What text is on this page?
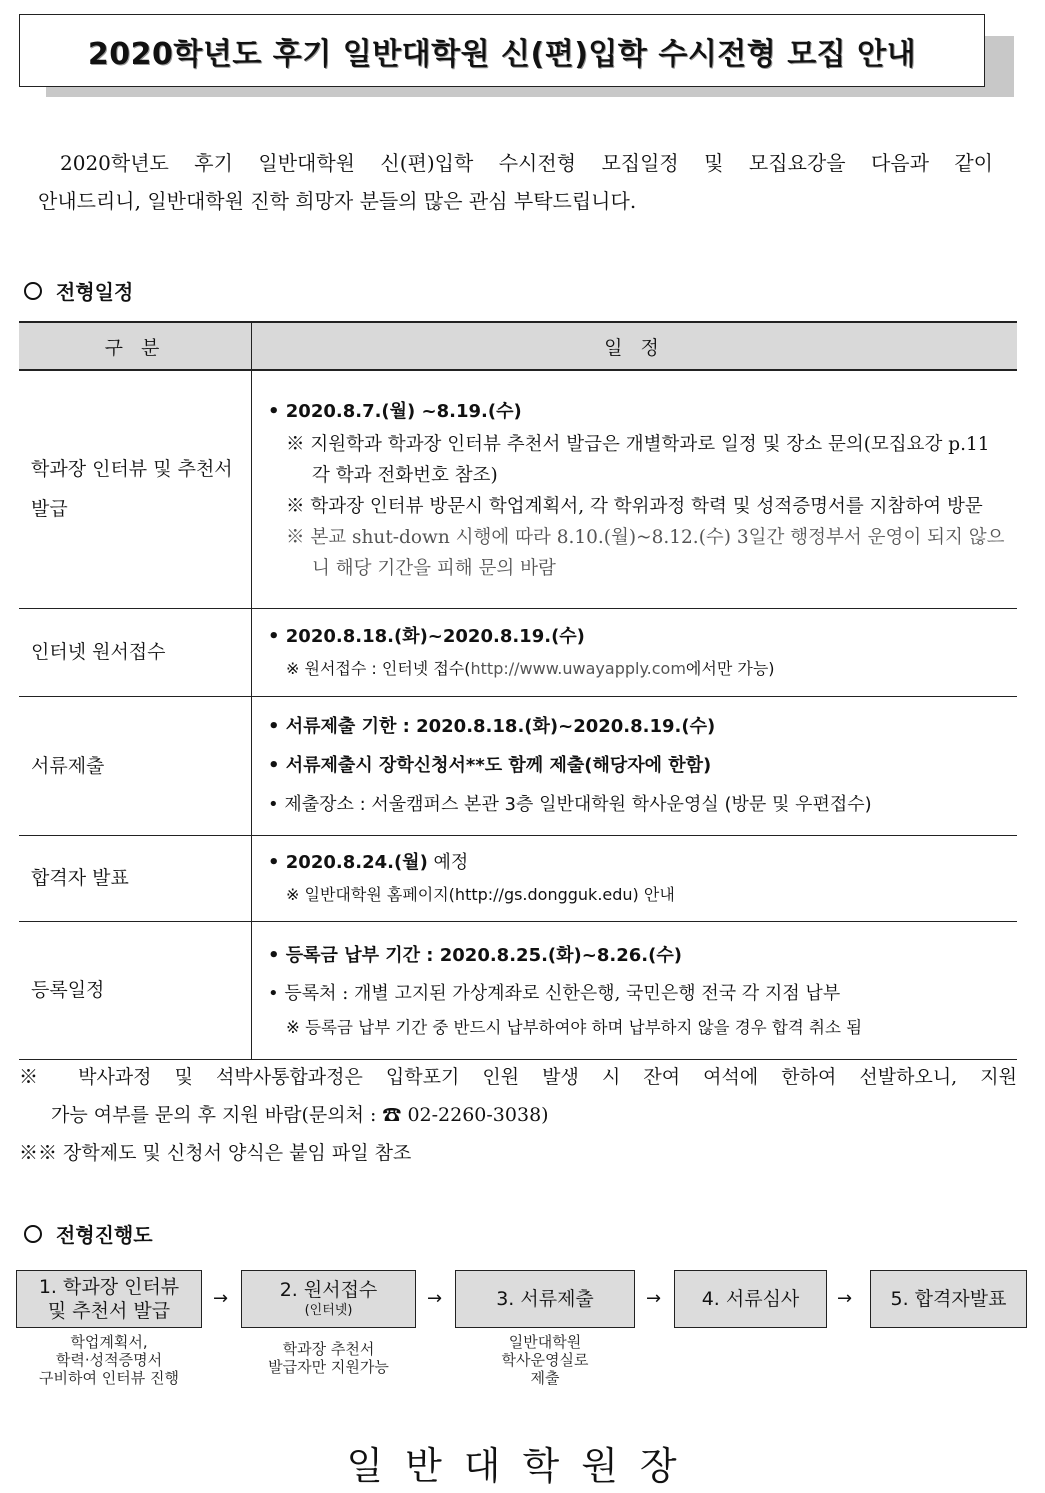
2020학년도 후기 일반대학원 신(편)입학 수시전형 모집 안내
2020학년도 후기 일반대학원 신(편)입학 수시전형 모집일정 및 모집요강을 다음과 같이
안내드리니, 일반대학원 진학 희망자 분들의 많은 관심 부탁드립니다.
전형일정
구 분	일 정
학과장 인터뷰 및 추천서 발급	• 2020.8.7.(월) ~8.19.(수)
※ 지원학과 학과장 인터뷰 추천서 발급은 개별학과로 일정 및 장소 문의(모집요강 p.11 각 학과 전화번호 참조)
※ 학과장 인터뷰 방문시 학업계획서, 각 학위과정 학력 및 성적증명서를 지참하여 방문
※ 본교 shut-down 시행에 따라 8.10.(월)~8.12.(수) 3일간 행정부서 운영이 되지 않으니 해당 기간을 피해 문의 바람

인터넷 원서접수	• 2020.8.18.(화)~2020.8.19.(수)
※ 원서접수 : 인터넷 접수(http://www.uwayapply.com에서만 가능)

서류제출	• 서류제출 기한 : 2020.8.18.(화)~2020.8.19.(수)
• 서류제출시 장학신청서**도 함께 제출(해당자에 한함)
• 제출장소 : 서울캠퍼스 본관 3층 일반대학원 학사운영실 (방문 및 우편접수)

합격자 발표	• 2020.8.24.(월) 예정
※ 일반대학원 홈페이지(http://gs.dongguk.edu) 안내

등록일정	• 등록금 납부 기간 : 2020.8.25.(화)~8.26.(수)
• 등록처 : 개별 고지된 가상계좌로 신한은행, 국민은행 전국 각 지점 납부
※ 등록금 납부 기간 중 반드시 납부하여야 하며 납부하지 않을 경우 합격 취소 됨
※ 박사과정 및 석박사통합과정은 입학포기 인원 발생 시 잔여 여석에 한하여 선발하오니, 지원
가능 여부를 문의 후 지원 바람(문의처 : ☎ 02-2260-3038)
※※ 장학제도 및 신청서 양식은 붙임 파일 참조
전형진행도
1. 학과장 인터뷰
및 추천서 발급
→	2. 원서접수
(인터넷)
→	3. 서류제출	→ 4. 서류심사 → 5. 합격자발표
학업계획서,
학력·성적증명서
구비하여 인터뷰 진행
학과장 추천서
발급자만 지원가능
일반대학원
학사운영실로
제출
일반대학원장
